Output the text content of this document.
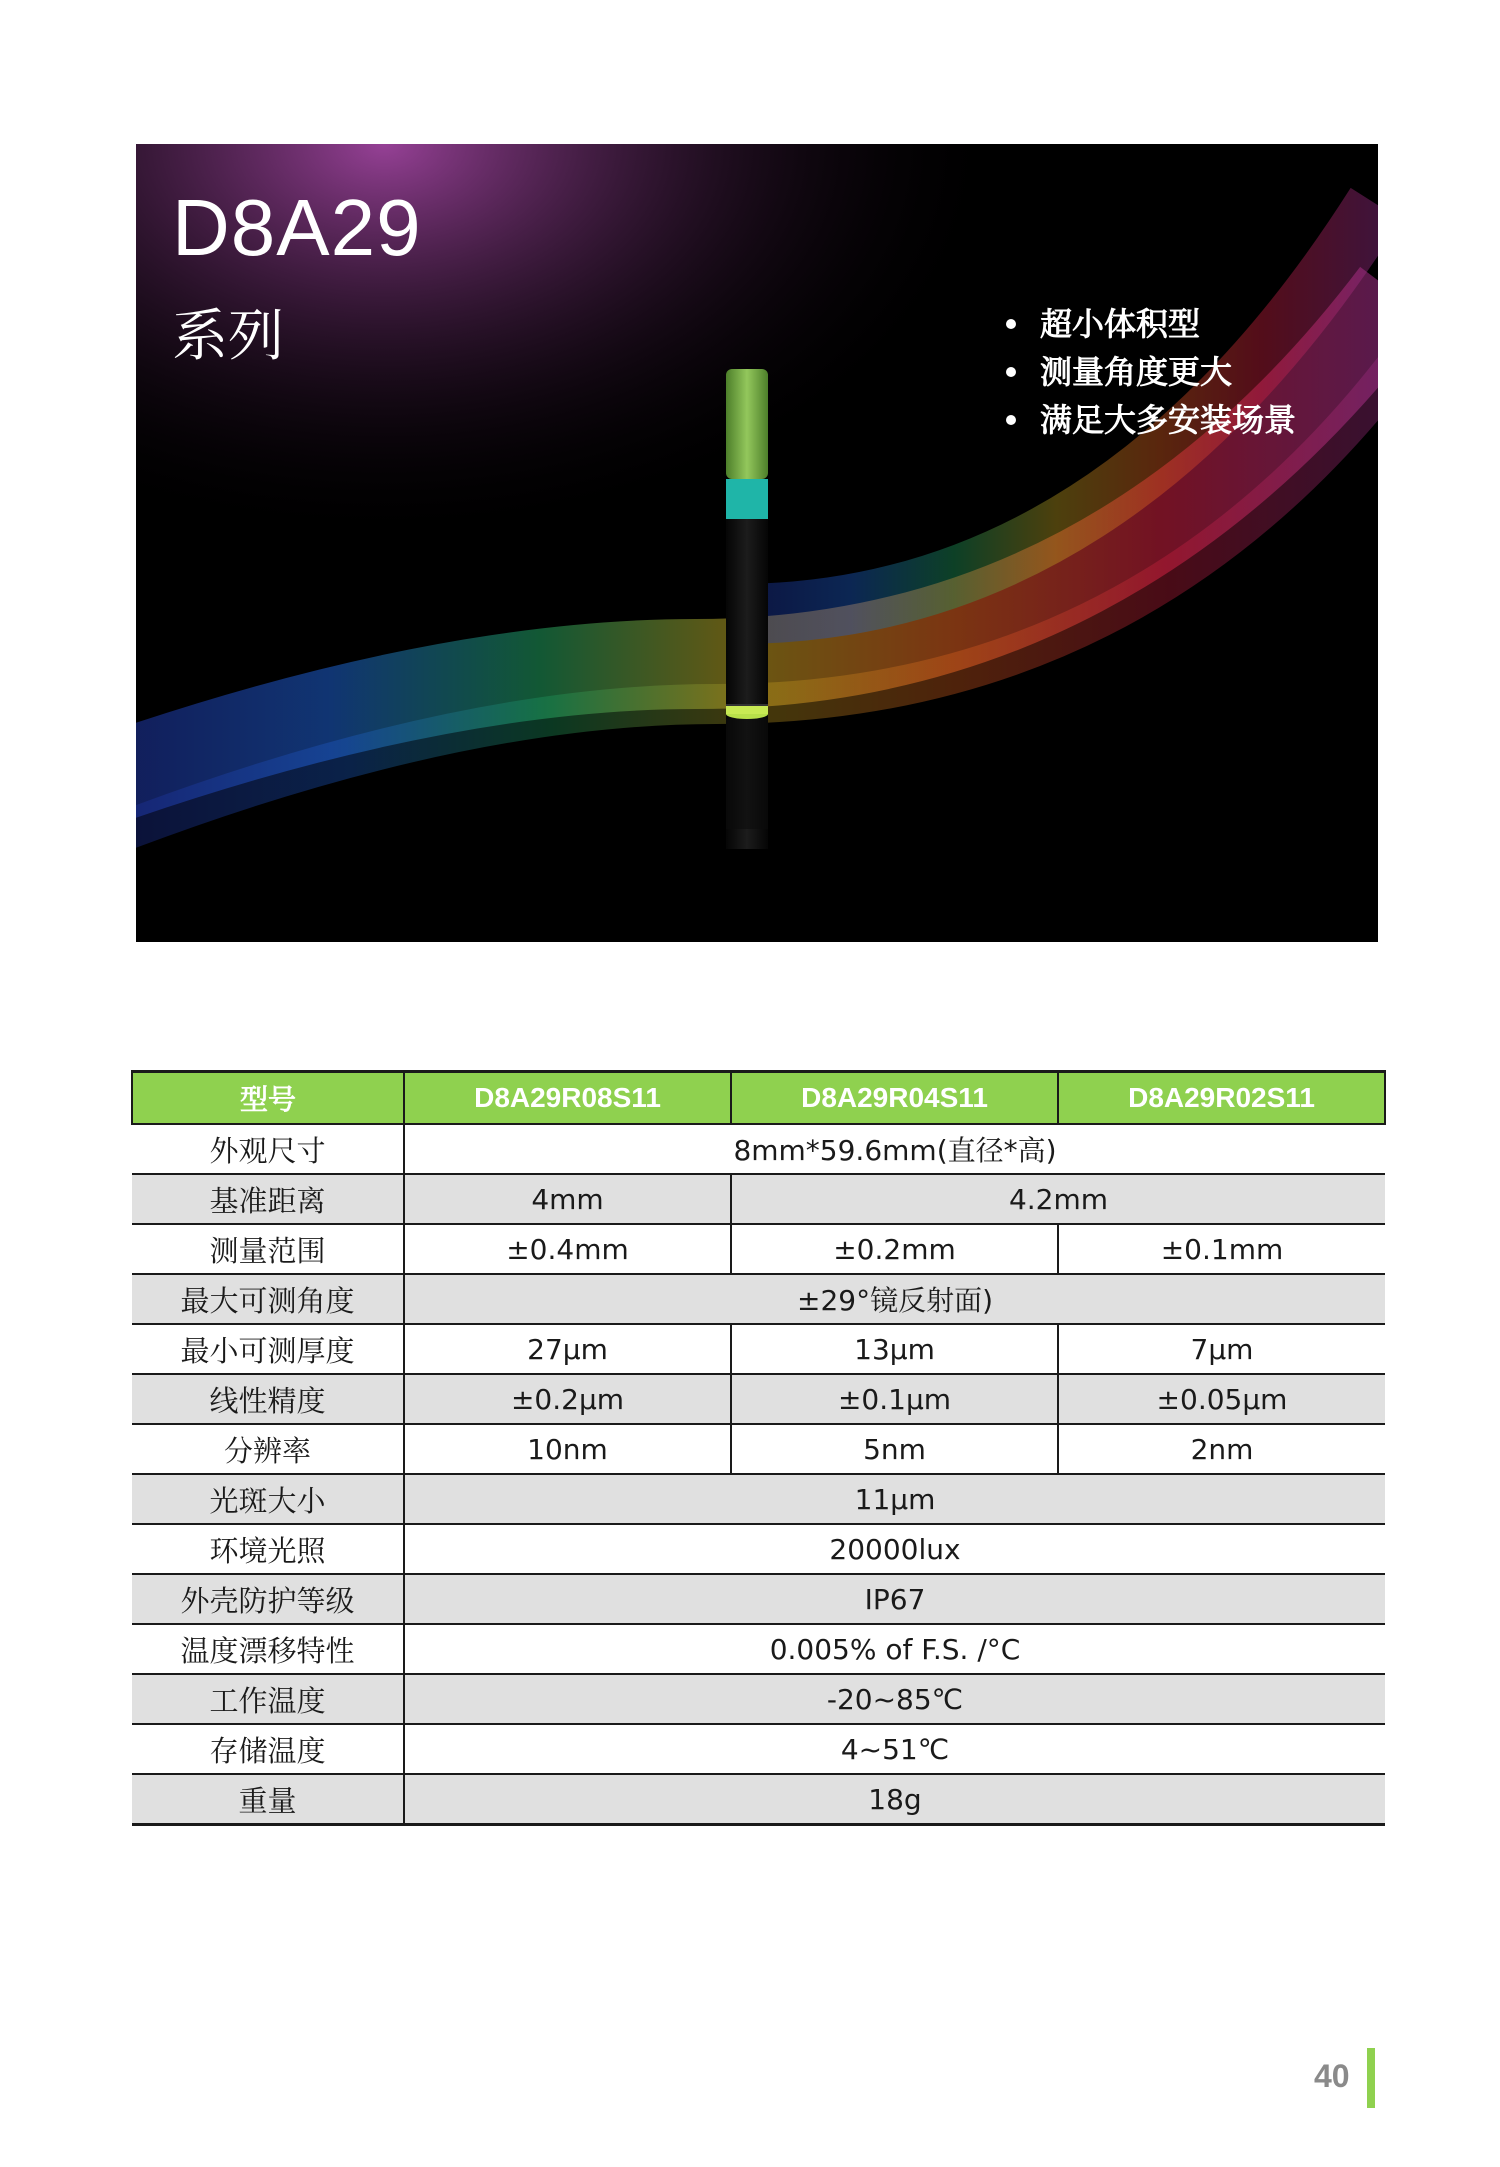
D8A29
系列	超小体积型
测量角度更大
满足大多安装场景
型号	D8A29R08S11	D8A29R04S11	D8A29R02S11
外观尺寸	8mm*59.6mm(直径*高)		
基准距离	4mm	4.2mm	
测量范围	±0.4mm	±0.2mm	±0.1mm
最大可测角度	±29°镜反射面)		
最小可测厚度	27μm	13μm	7μm
线性精度	±0.2μm	±0.1μm	±0.05μm
分辨率	10nm	5nm	2nm
光斑大小	11μm		
环境光照	20000lux		
外壳防护等级	IP67		
温度漂移特性	0.005% of F.S. /°C		
工作温度	-20~85℃		
存储温度	4~51℃		
重量	18g		
40
